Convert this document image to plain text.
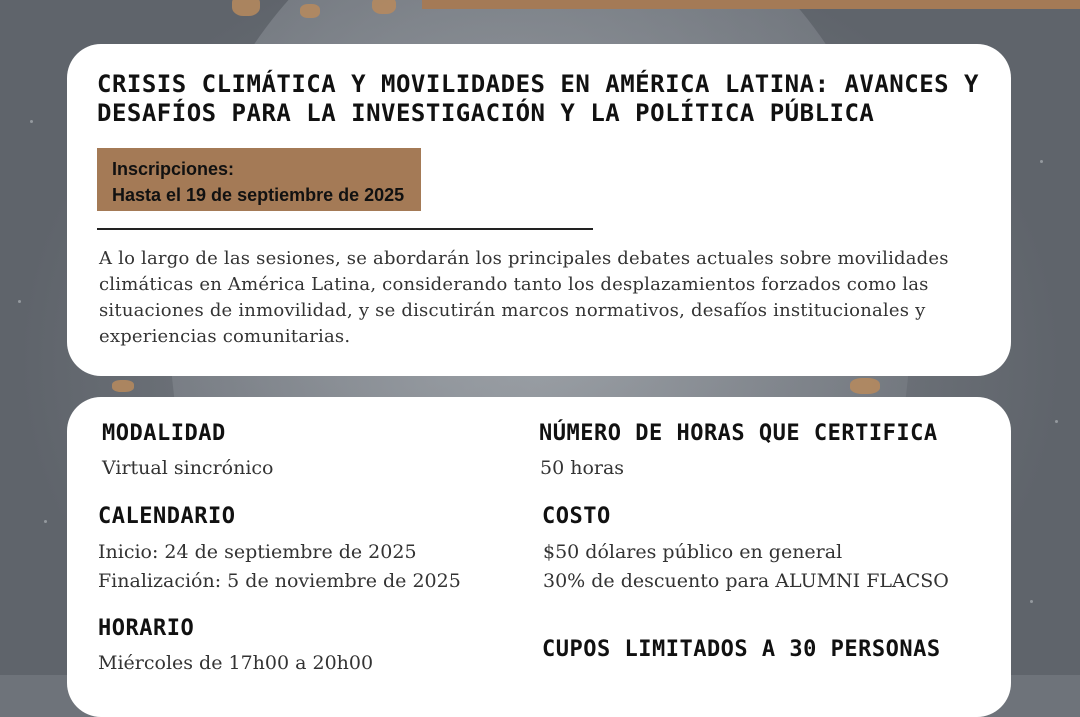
CRISIS CLIMÁTICA Y MOVILIDADES EN AMÉRICA LATINA: AVANCES Y
DESAFÍOS PARA LA INVESTIGACIÓN Y LA POLÍTICA PÚBLICA
Inscripciones:
Hasta el 19 de septiembre de 2025

A lo largo de las sesiones, se abordarán los principales debates actuales sobre movilidades
climáticas en América Latina, considerando tanto los desplazamientos forzados como las
situaciones de inmovilidad, y se discutirán marcos normativos, desafíos institucionales y
experiencias comunitarias.

MODALIDAD

Virtual sincrónico

NÚMERO DE HORAS QUE CERTIFICA

50 horas

CALENDARIO

Inicio: 24 de septiembre de 2025

Finalización: 5 de noviembre de 2025

COSTO

$50 dólares público en general

30% de descuento para ALUMNI FLACSO

HORARIO

Miércoles de 17h00 a 20h00

CUPOS LIMITADOS A 30 PERSONAS
